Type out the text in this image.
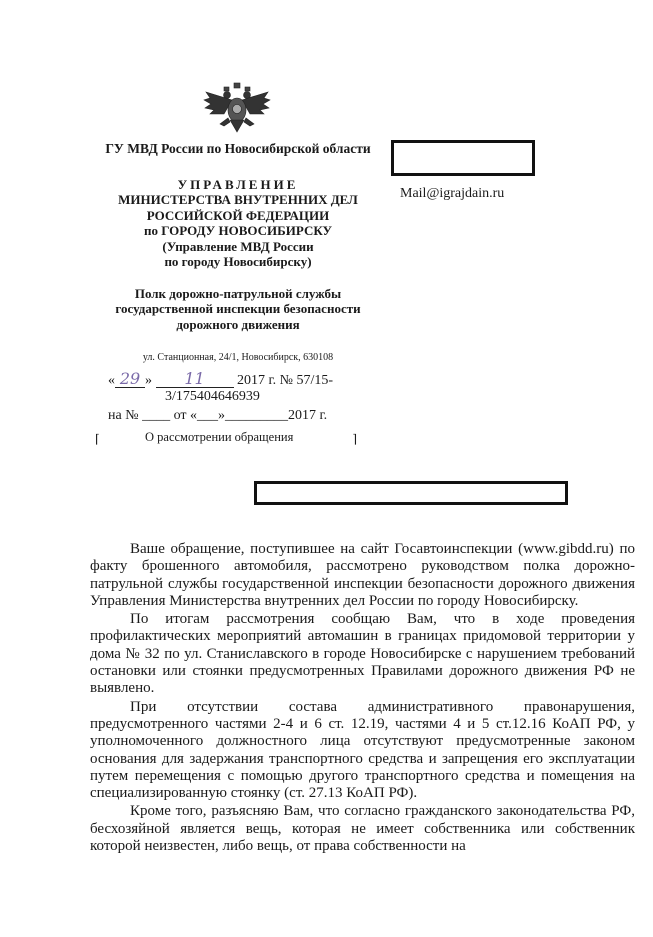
ГУ МВД России по Новосибирской области
УПРАВЛЕНИЕ
МИНИСТЕРСТВА ВНУТРЕННИХ ДЕЛ
РОССИЙСКОЙ ФЕДЕРАЦИИ
по ГОРОДУ НОВОСИБИРСКУ
(Управление МВД России
по городу Новосибирску)
Полк дорожно-патрульной службы
государственной инспекции безопасности
дорожного движения
ул. Станционная, 24/1, Новосибирск, 630108
Mail@igrajdain.ru
« 29 » 11 2017 г. № 57/15-
3/175404646939
на № ____ от «___»_________2017 г.
⌈	О рассмотрении обращения	⌉

Ваше обращение, поступившее на сайт Госавтоинспекции (www.gibdd.ru) по факту брошенного автомобиля, рассмотрено руководством полка дорожно-патрульной службы государственной инспекции безопасности дорожного движения Управления Министерства внутренних дел России по городу Новосибирску.

По итогам рассмотрения сообщаю Вам, что в ходе проведения профилактических мероприятий автомашин в границах придомовой территории у дома № 32 по ул. Станиславского в городе Новосибирске с нарушением требований остановки или стоянки предусмотренных Правилами дорожного движения РФ не выявлено.

При отсутствии состава административного правонарушения, предусмотренного частями 2-4 и 6 ст. 12.19, частями 4 и 5 ст.12.16 КоАП РФ, у уполномоченного должностного лица отсутствуют предусмотренные законом основания для задержания транспортного средства и запрещения его эксплуатации путем перемещения с помощью другого транспортного средства и помещения на специализированную стоянку (ст. 27.13 КоАП РФ).

Кроме того, разъясняю Вам, что согласно гражданского законодательства РФ, бесхозяйной является вещь, которая не имеет собственника или собственник которой неизвестен, либо вещь, от права собственности на
